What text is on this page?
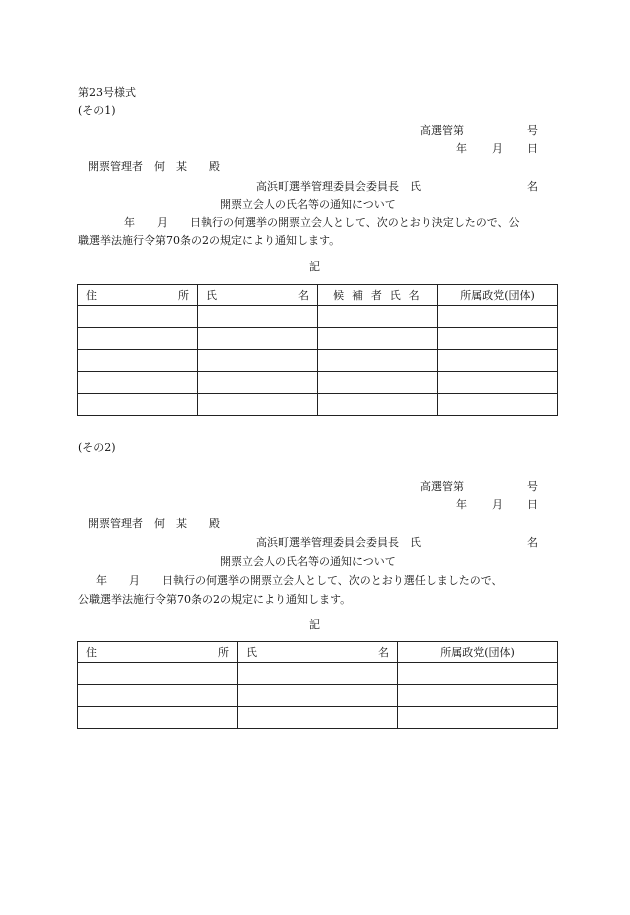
第23号様式
(その1)
高選管第	号
年 月 日
開票管理者　何　某　　殿
高浜町選挙管理委員会委員長　氏	名
開票立会人の氏名等の通知について
年　　月　　日執行の何選挙の開票立会人として、次のとおり決定したので、公
職選挙法施行令第70条の2の規定により通知します。
記
住 所	氏 名	候 補 者 氏 名	所属政党(団体)

(その2)
高選管第	号
年 月 日
開票管理者　何　某　　殿
高浜町選挙管理委員会委員長　氏	名
開票立会人の氏名等の通知について
年　　月　　日執行の何選挙の開票立会人として、次のとおり選任しましたので、
公職選挙法施行令第70条の2の規定により通知します。
記
住 所	氏 名	所属政党(団体)
